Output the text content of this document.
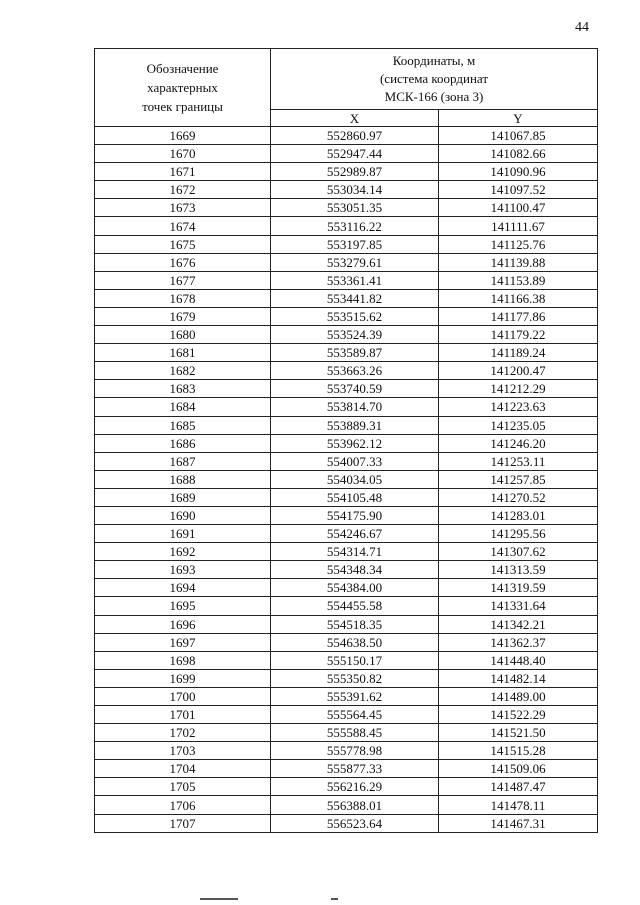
44
Обозначение
характерных
точек границы	Координаты, м
(система координат
МСК-166 (зона 3)	
	X	Y
1669	552860.97	141067.85
1670	552947.44	141082.66
1671	552989.87	141090.96
1672	553034.14	141097.52
1673	553051.35	141100.47
1674	553116.22	141111.67
1675	553197.85	141125.76
1676	553279.61	141139.88
1677	553361.41	141153.89
1678	553441.82	141166.38
1679	553515.62	141177.86
1680	553524.39	141179.22
1681	553589.87	141189.24
1682	553663.26	141200.47
1683	553740.59	141212.29
1684	553814.70	141223.63
1685	553889.31	141235.05
1686	553962.12	141246.20
1687	554007.33	141253.11
1688	554034.05	141257.85
1689	554105.48	141270.52
1690	554175.90	141283.01
1691	554246.67	141295.56
1692	554314.71	141307.62
1693	554348.34	141313.59
1694	554384.00	141319.59
1695	554455.58	141331.64
1696	554518.35	141342.21
1697	554638.50	141362.37
1698	555150.17	141448.40
1699	555350.82	141482.14
1700	555391.62	141489.00
1701	555564.45	141522.29
1702	555588.45	141521.50
1703	555778.98	141515.28
1704	555877.33	141509.06
1705	556216.29	141487.47
1706	556388.01	141478.11
1707	556523.64	141467.31
